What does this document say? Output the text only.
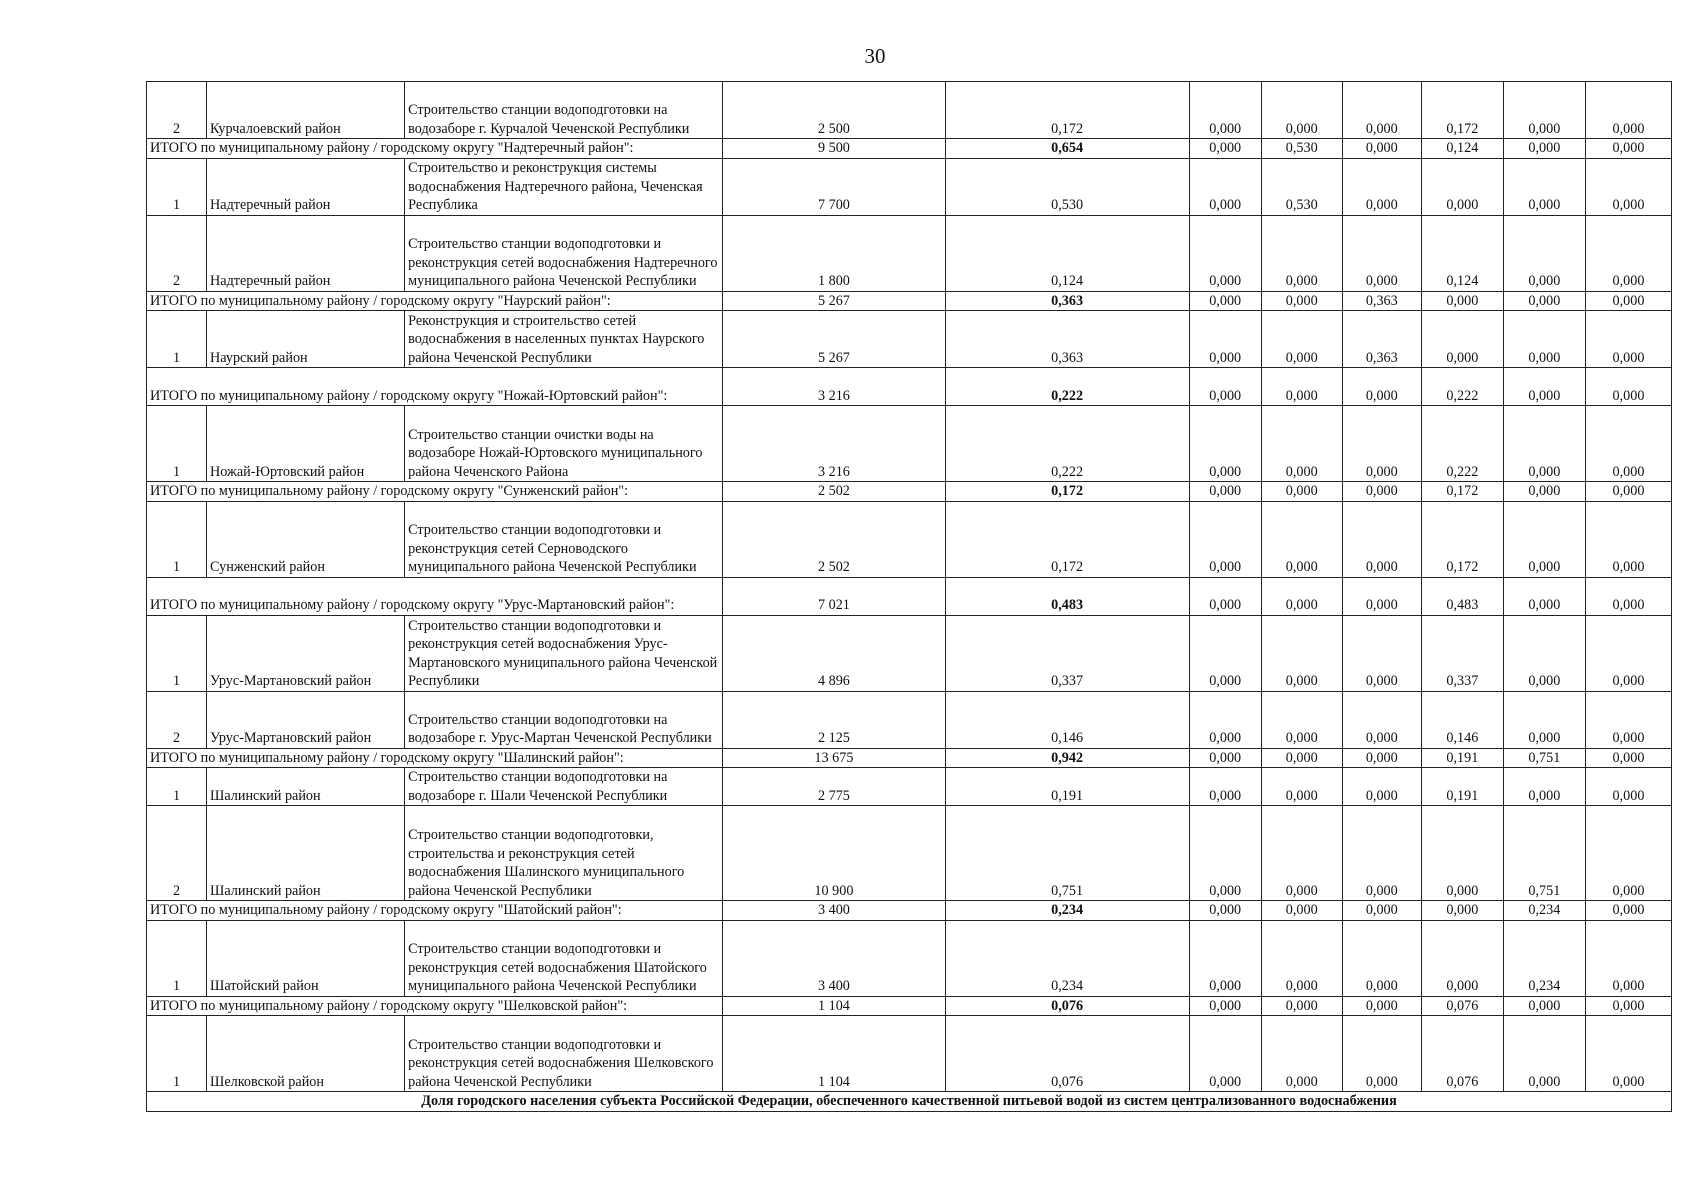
30
2	Курчалоевский район	Строительство станции водоподготовки на водозаборе г. Курчалой Чеченской Республики	2 500	0,172	0,000	0,000	0,000	0,172	0,000	0,000
ИТОГО по муниципальному району / городскому округу "Надтеречный район":			9 500	0,654	0,000	0,530	0,000	0,124	0,000	0,000
1	Надтеречный район	Строительство и реконструкция системы водоснабжения Надтеречного района, Чеченская Республика	7 700	0,530	0,000	0,530	0,000	0,000	0,000	0,000
2	Надтеречный район	Строительство станции водоподготовки и реконструкция сетей водоснабжения Надтеречного муниципального района Чеченской Республики	1 800	0,124	0,000	0,000	0,000	0,124	0,000	0,000
ИТОГО по муниципальному району / городскому округу "Наурский район":			5 267	0,363	0,000	0,000	0,363	0,000	0,000	0,000
1	Наурский район	Реконструкция и строительство сетей водоснабжения в населенных пунктах Наурского района Чеченской Республики	5 267	0,363	0,000	0,000	0,363	0,000	0,000	0,000
ИТОГО по муниципальному району / городскому округу "Ножай-Юртовский район":			3 216	0,222	0,000	0,000	0,000	0,222	0,000	0,000
1	Ножай-Юртовский район	Строительство станции очистки воды на водозаборе Ножай-Юртовского муниципального района Чеченского Района	3 216	0,222	0,000	0,000	0,000	0,222	0,000	0,000
ИТОГО по муниципальному району / городскому округу "Сунженский район":			2 502	0,172	0,000	0,000	0,000	0,172	0,000	0,000
1	Сунженский район	Строительство станции водоподготовки и реконструкция сетей Серноводского муниципального района Чеченской Республики	2 502	0,172	0,000	0,000	0,000	0,172	0,000	0,000
ИТОГО по муниципальному району / городскому округу "Урус-Мартановский район":			7 021	0,483	0,000	0,000	0,000	0,483	0,000	0,000
1	Урус-Мартановский район	Строительство станции водоподготовки и реконструкция сетей водоснабжения Урус-Мартановского муниципального района Чеченской Республики	4 896	0,337	0,000	0,000	0,000	0,337	0,000	0,000
2	Урус-Мартановский район	Строительство станции водоподготовки на водозаборе г. Урус-Мартан Чеченской Республики	2 125	0,146	0,000	0,000	0,000	0,146	0,000	0,000
ИТОГО по муниципальному району / городскому округу "Шалинский район":			13 675	0,942	0,000	0,000	0,000	0,191	0,751	0,000
1	Шалинский район	Строительство станции водоподготовки на водозаборе г. Шали Чеченской Республики	2 775	0,191	0,000	0,000	0,000	0,191	0,000	0,000
2	Шалинский район	Строительство станции водоподготовки, строительства и реконструкция сетей водоснабжения Шалинского муниципального района Чеченской Республики	10 900	0,751	0,000	0,000	0,000	0,000	0,751	0,000
ИТОГО по муниципальному району / городскому округу "Шатойский район":			3 400	0,234	0,000	0,000	0,000	0,000	0,234	0,000
1	Шатойский район	Строительство станции водоподготовки и реконструкция сетей водоснабжения Шатойского муниципального района Чеченской Республики	3 400	0,234	0,000	0,000	0,000	0,000	0,234	0,000
ИТОГО по муниципальному району / городскому округу "Шелковской район":			1 104	0,076	0,000	0,000	0,000	0,076	0,000	0,000
1	Шелковской район	Строительство станции водоподготовки и реконструкция сетей водоснабжения Шелковского района Чеченской Республики	1 104	0,076	0,000	0,000	0,000	0,076	0,000	0,000
Доля городского населения субъекта Российской Федерации, обеспеченного качественной питьевой водой из систем централизованного водоснабжения										
